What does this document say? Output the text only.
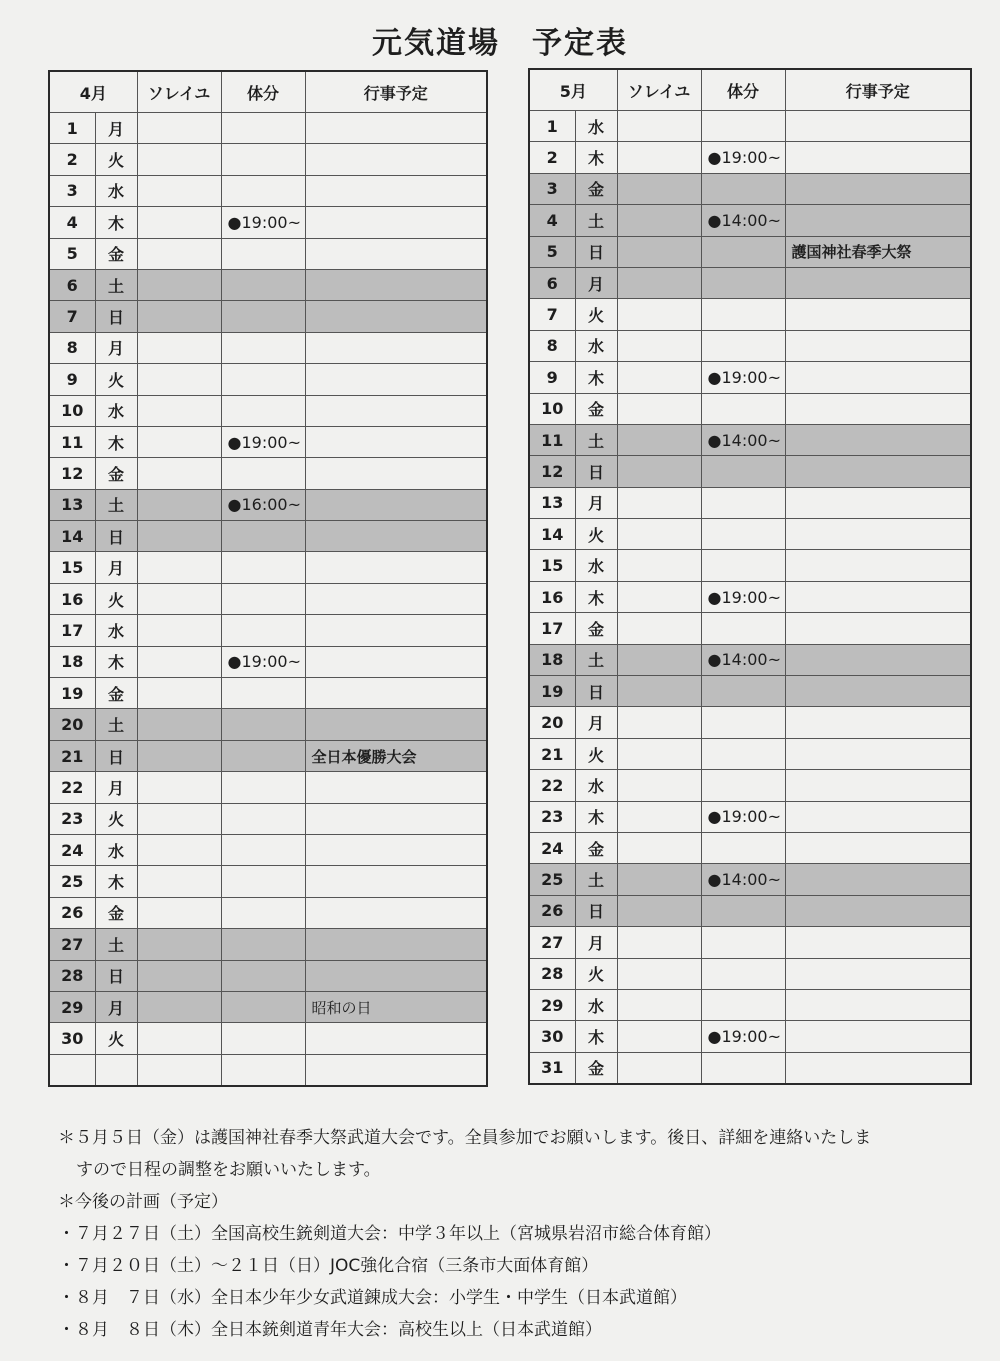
元気道場　予定表
4月		ソレイユ	体分	行事予定
1	月			
2	火			
3	水			
4	木		●19:00~	
5	金			
6	土			
7	日			
8	月			
9	火			
10	水			
11	木		●19:00~	
12	金			
13	土		●16:00~	
14	日			
15	月			
16	火			
17	水			
18	木		●19:00~	
19	金			
20	土			
21	日			全日本優勝大会
22	月			
23	火			
24	水			
25	木			
26	金			
27	土			
28	日			
29	月			昭和の日
30	火			

5月		ソレイユ	体分	行事予定
1	水			
2	木		●19:00~	
3	金			
4	土		●14:00~	
5	日			護国神社春季大祭
6	月			
7	火			
8	水			
9	木		●19:00~	
10	金			
11	土		●14:00~	
12	日			
13	月			
14	火			
15	水			
16	木		●19:00~	
17	金			
18	土		●14:00~	
19	日			
20	月			
21	火			
22	水			
23	木		●19:00~	
24	金			
25	土		●14:00~	
26	日			
27	月			
28	火			
29	水			
30	木		●19:00~	
31	金			

＊５月５日（金）は護国神社春季大祭武道大会です。全員参加でお願いします。後日、詳細を連絡いたしま

すので日程の調整をお願いいたします。

＊今後の計画（予定）

・７月２７日（土）全国高校生銃剣道大会：中学３年以上（宮城県岩沼市総合体育館）

・７月２０日（土）～２１日（日）JOC強化合宿（三条市大面体育館）

・８月　７日（水）全日本少年少女武道錬成大会：小学生・中学生（日本武道館）

・８月　８日（木）全日本銃剣道青年大会：高校生以上（日本武道館）
